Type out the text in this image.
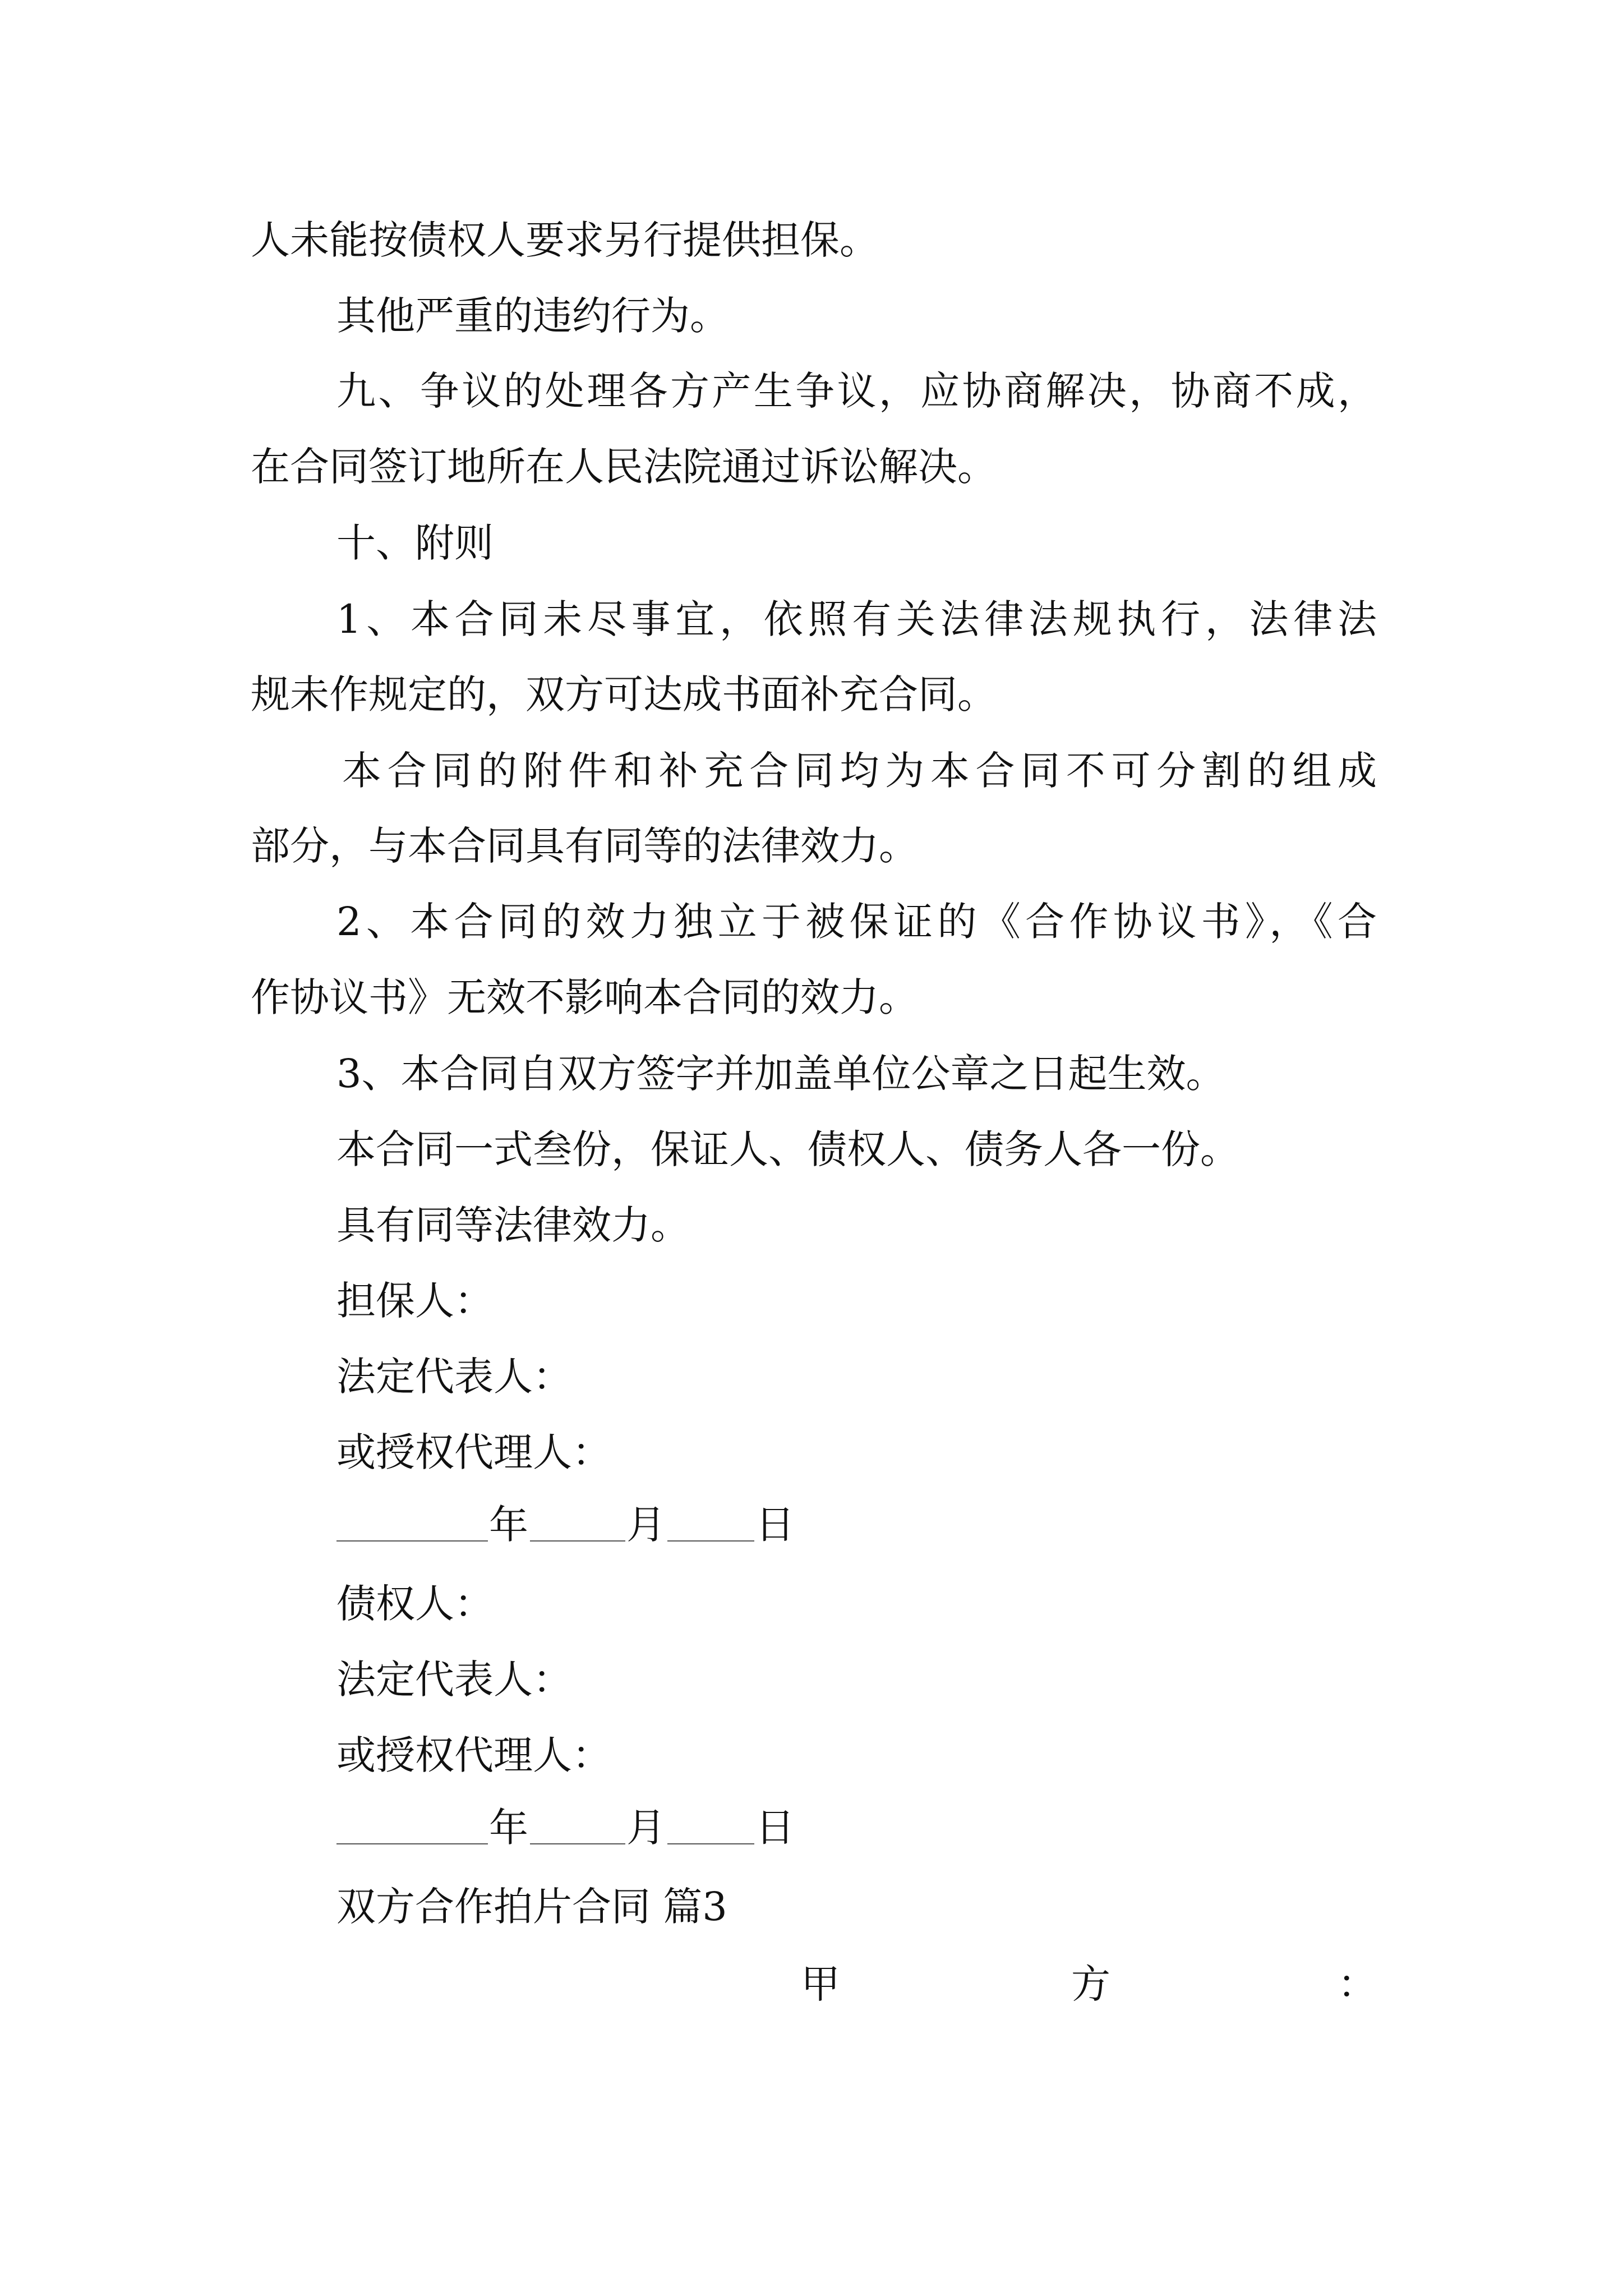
人未能按债权人要求另行提供担保。

其他严重的违约行为。

九、争议的处理各方产生争议，应协商解决，协商不成，

在合同签订地所在人民法院通过诉讼解决。

十、附则

1、本合同未尽事宜，依照有关法律法规执行，法律法

规未作规定的，双方可达成书面补充合同。

本合同的附件和补充合同均为本合同不可分割的组成

部分，与本合同具有同等的法律效力。

2、本合同的效力独立于被保证的《合作协议书》，《合

作协议书》无效不影响本合同的效力。

3、本合同自双方签字并加盖单位公章之日起生效。

本合同一式叁份，保证人、债权人、债务人各一份。

具有同等法律效力。

担保人：

法定代表人：

或授权代理人：

年	月 日

债权人：

法定代表人：

或授权代理人：

年	月 日

双方合作拍片合同 篇3

甲	方	：
